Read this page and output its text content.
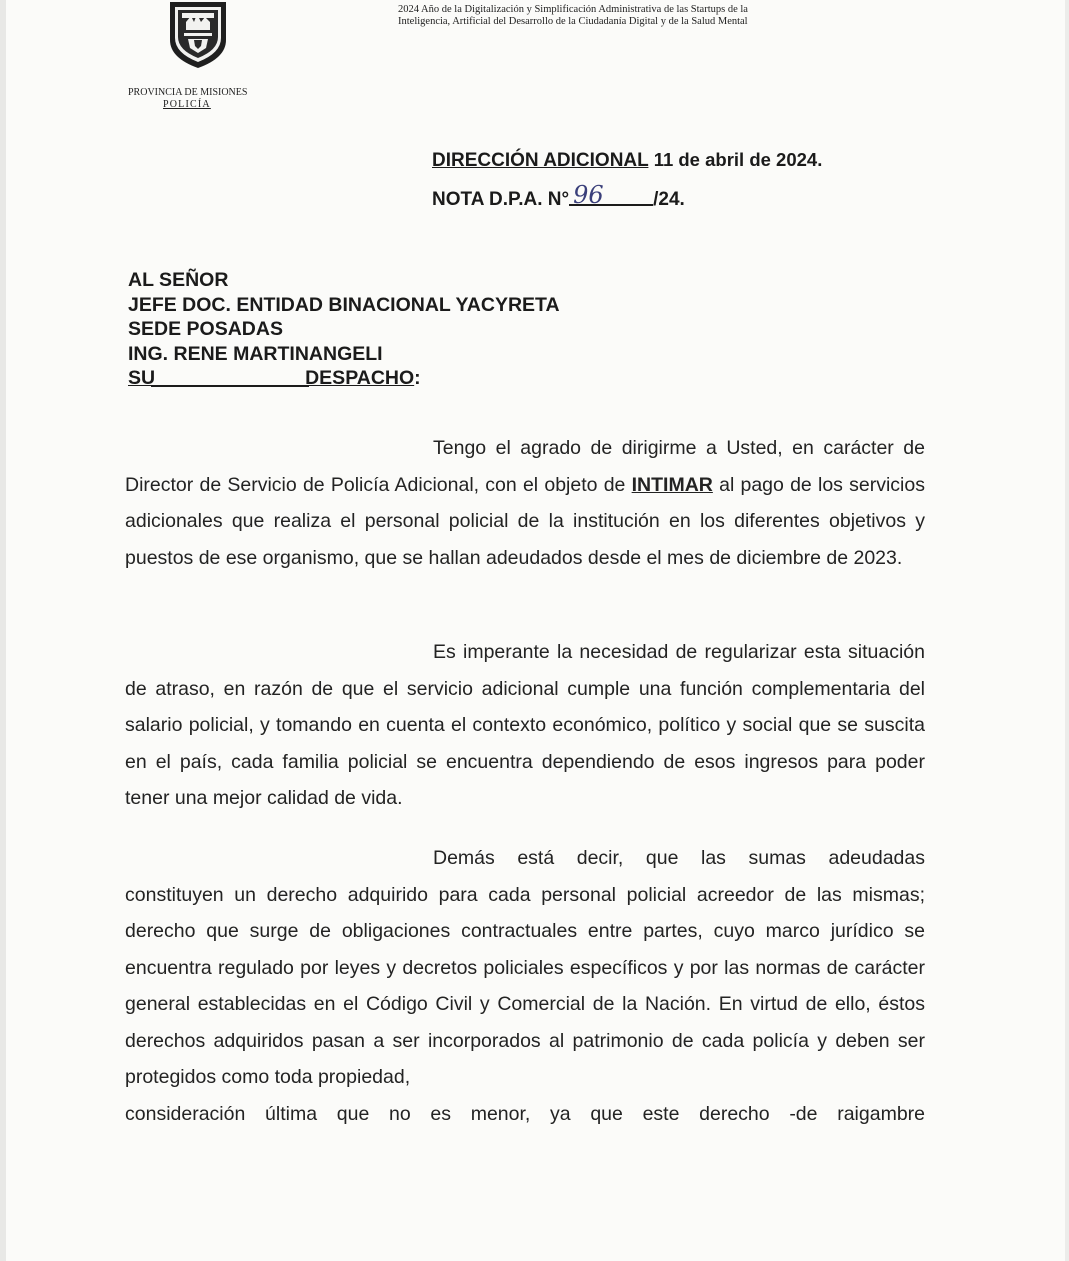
PROVINCIA DE MISIONES
POLICÍA
2024 Año de la Digitalización y Simplificación Administrativa de las Startups de la
Inteligencia, Artificial del Desarrollo de la Ciudadanía Digital y de la Salud Mental
DIRECCIÓN ADICIONAL 11 de abril de 2024.
NOTA D.P.A. N° 96	/24.
AL SEÑOR
JEFE DOC. ENTIDAD BINACIONAL YACYRETA
SEDE POSADAS
ING. RENE MARTINANGELI
SU	DESPACHO:
Tengo el agrado de dirigirme a Usted, en carácter de Director de Servicio de Policía Adicional, con el objeto de INTIMAR al pago de los servicios adicionales que realiza el personal policial de la institución en los diferentes objetivos y puestos de ese organismo, que se hallan adeudados desde el mes de diciembre de 2023.
Es imperante la necesidad de regularizar esta situación de atraso, en razón de que el servicio adicional cumple una función complementaria del salario policial, y tomando en cuenta el contexto económico, político y social que se suscita en el país, cada familia policial se encuentra dependiendo de esos ingresos para poder tener una mejor calidad de vida.
Demás está decir, que las sumas adeudadas constituyen un derecho adquirido para cada personal policial acreedor de las mismas; derecho que surge de obligaciones contractuales entre partes, cuyo marco jurídico se encuentra regulado por leyes y decretos policiales específicos y por las normas de carácter general establecidas en el Código Civil y Comercial de la Nación. En virtud de ello, éstos derechos adquiridos pasan a ser incorporados al patrimonio de cada policía y deben ser protegidos como toda propiedad,
consideración última que no es menor, ya que este derecho -de raigambre
